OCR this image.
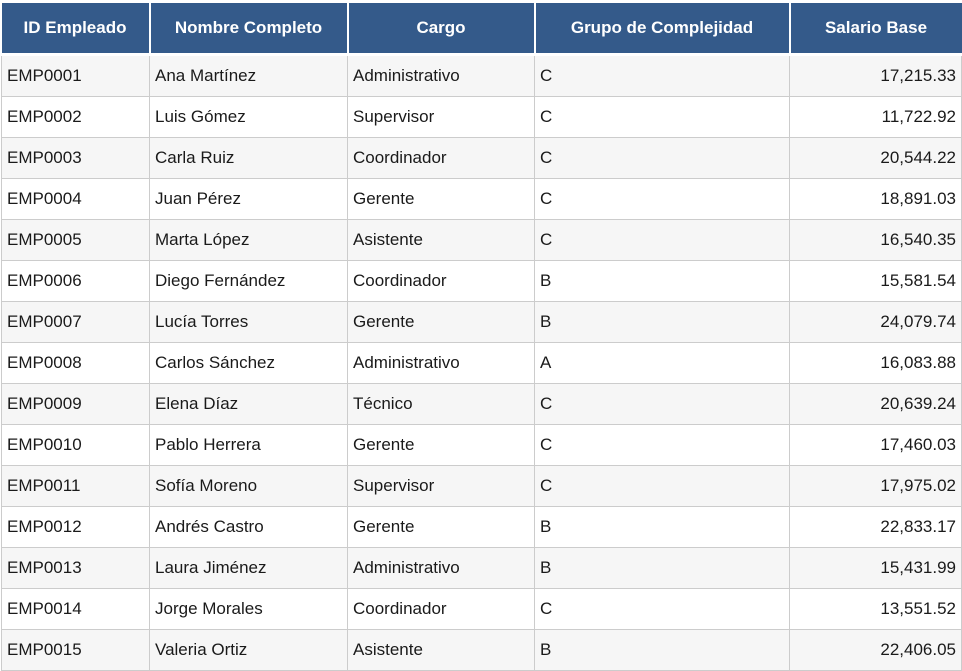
ID Empleado	Nombre Completo	Cargo	Grupo de Complejidad	Salario Base
EMP0001	Ana Martínez	Administrativo	C	17,215.33
EMP0002	Luis Gómez	Supervisor	C	11,722.92
EMP0003	Carla Ruiz	Coordinador	C	20,544.22
EMP0004	Juan Pérez	Gerente	C	18,891.03
EMP0005	Marta López	Asistente	C	16,540.35
EMP0006	Diego Fernández	Coordinador	B	15,581.54
EMP0007	Lucía Torres	Gerente	B	24,079.74
EMP0008	Carlos Sánchez	Administrativo	A	16,083.88
EMP0009	Elena Díaz	Técnico	C	20,639.24
EMP0010	Pablo Herrera	Gerente	C	17,460.03
EMP0011	Sofía Moreno	Supervisor	C	17,975.02
EMP0012	Andrés Castro	Gerente	B	22,833.17
EMP0013	Laura Jiménez	Administrativo	B	15,431.99
EMP0014	Jorge Morales	Coordinador	C	13,551.52
EMP0015	Valeria Ortiz	Asistente	B	22,406.05
